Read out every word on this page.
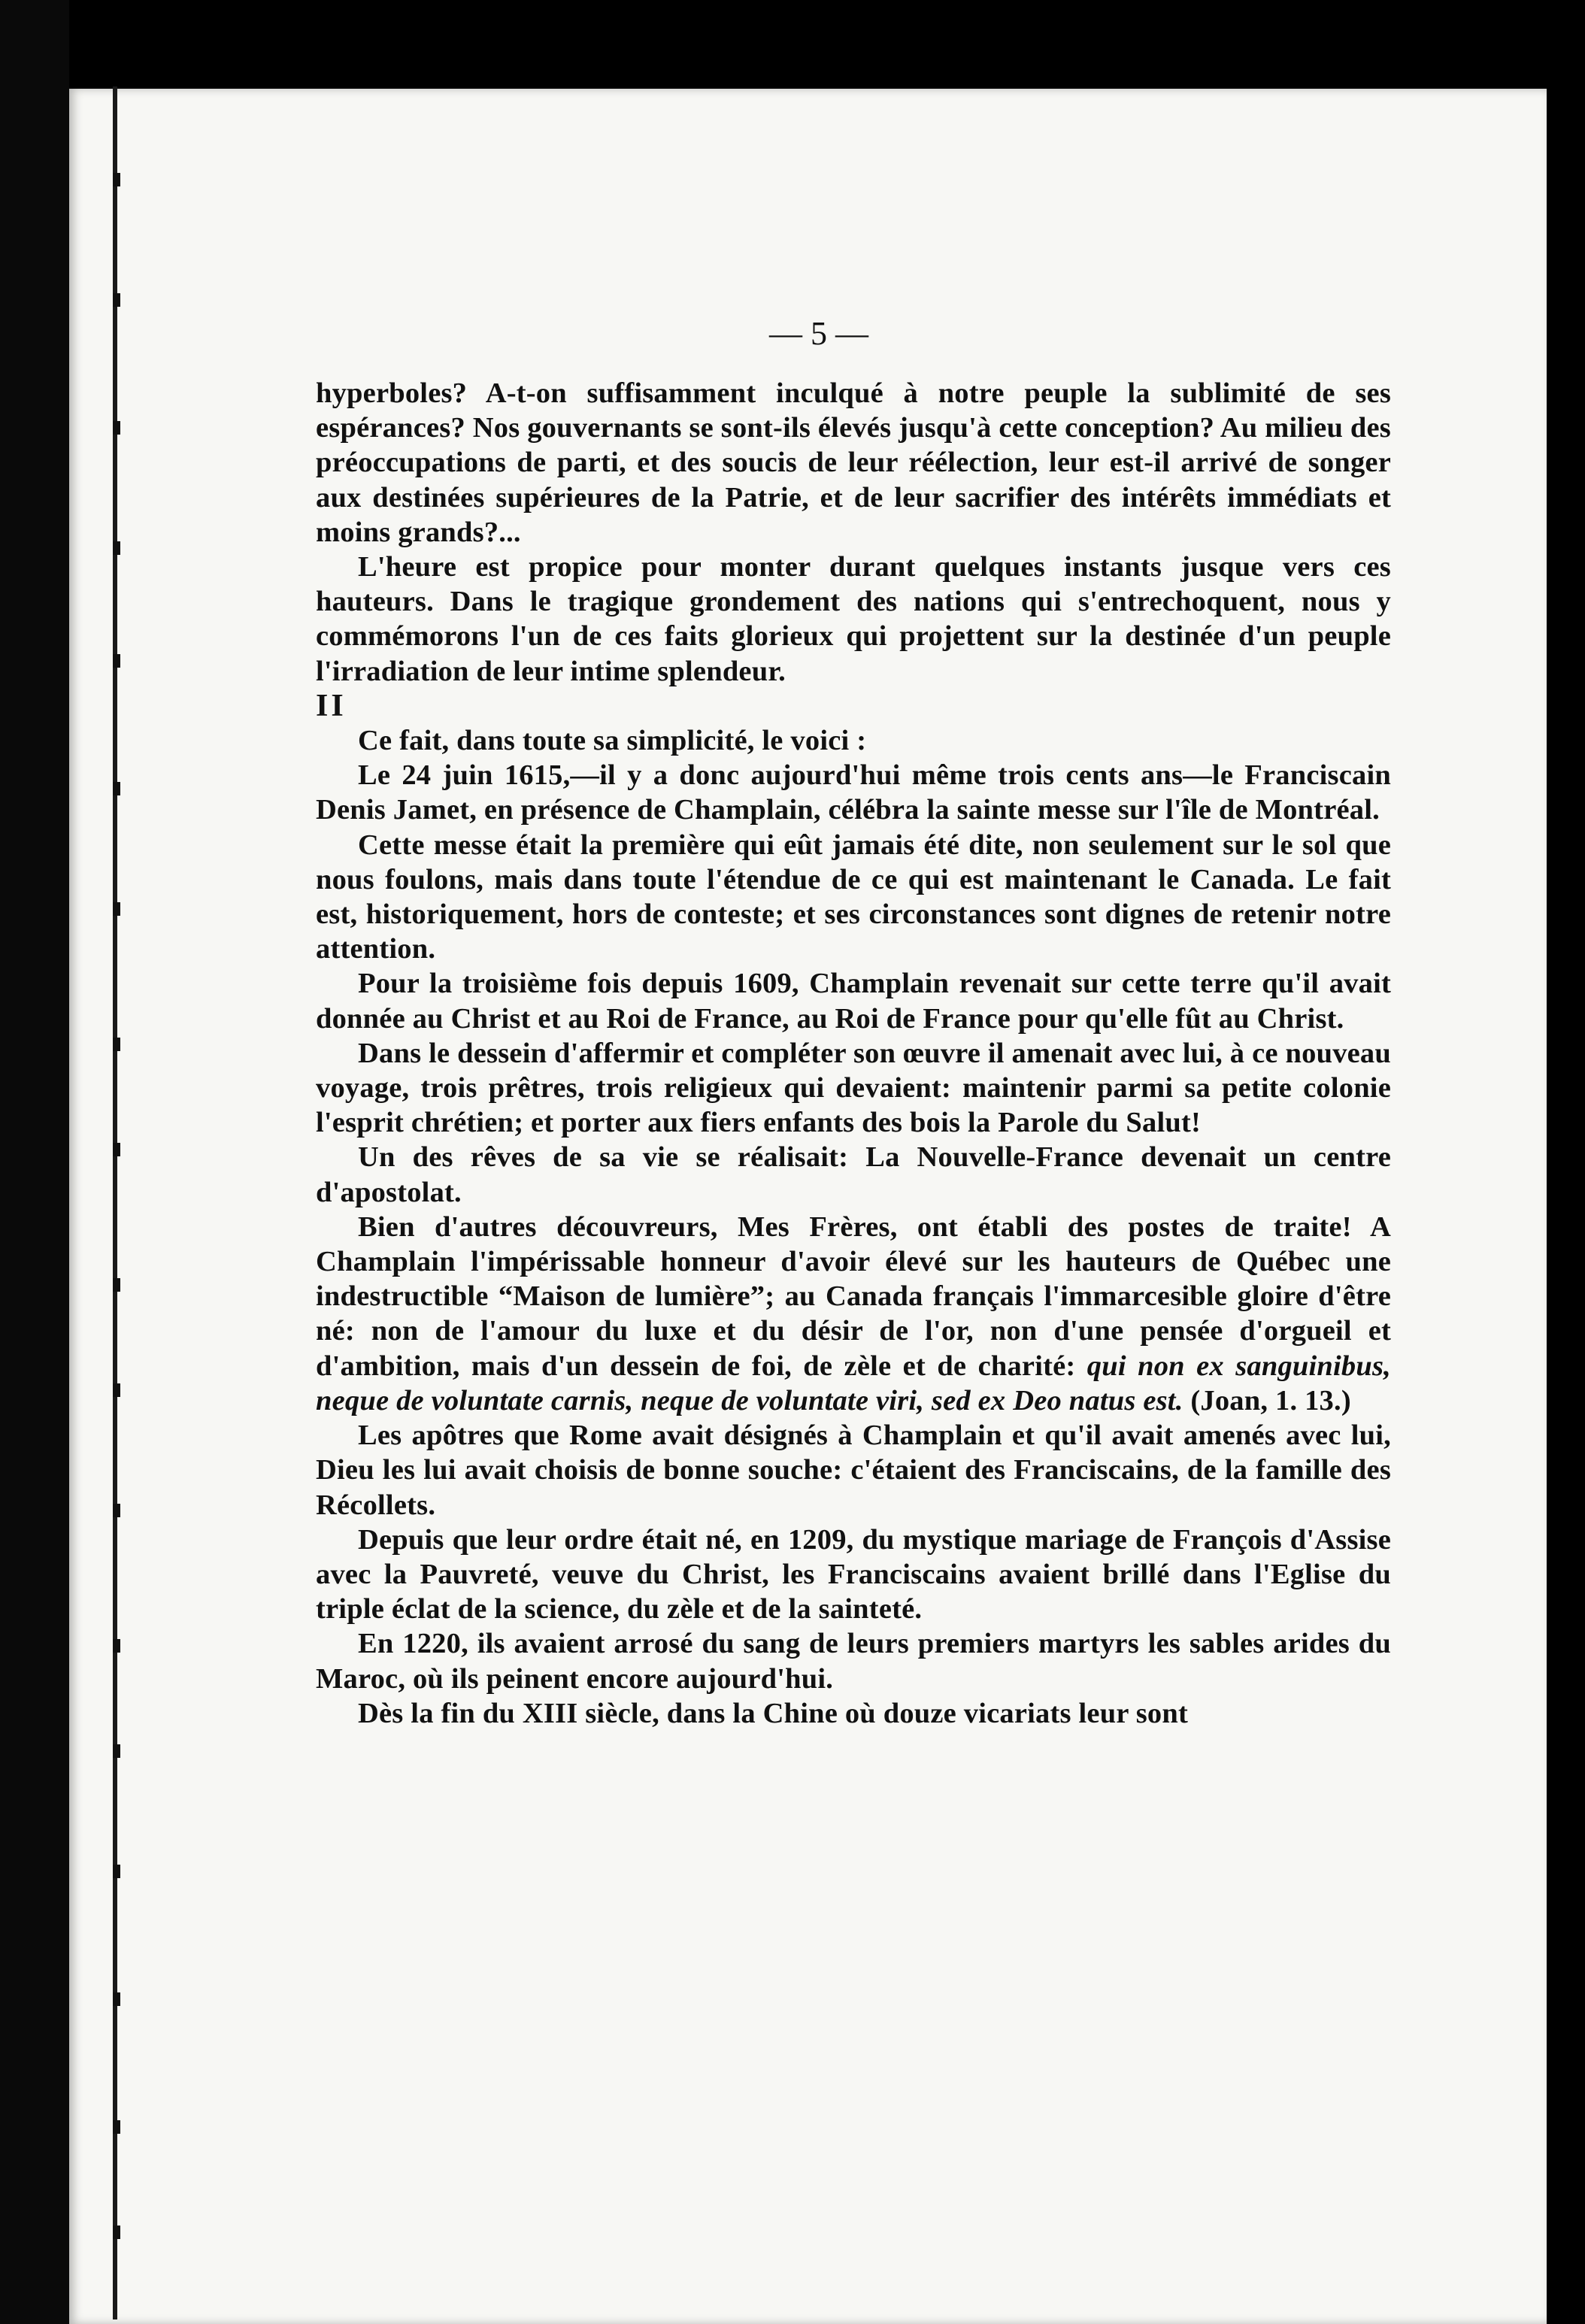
— 5 —

hyperboles? A-t-on suffisamment inculqué à notre peuple la sublimité de ses espérances? Nos gouvernants se sont-ils élevés jusqu'à cette conception? Au milieu des préoccupations de parti, et des soucis de leur réélection, leur est-il arrivé de songer aux destinées supérieures de la Patrie, et de leur sacrifier des intérêts immédiats et moins grands?...

L'heure est propice pour monter durant quelques instants jusque vers ces hauteurs. Dans le tragique grondement des nations qui s'entrechoquent, nous y commémorons l'un de ces faits glorieux qui projettent sur la destinée d'un peuple l'irradiation de leur intime splendeur.

II

Ce fait, dans toute sa simplicité, le voici :

Le 24 juin 1615,—il y a donc aujourd'hui même trois cents ans—le Franciscain Denis Jamet, en présence de Champlain, célébra la sainte messe sur l'île de Montréal.

Cette messe était la première qui eût jamais été dite, non seulement sur le sol que nous foulons, mais dans toute l'étendue de ce qui est maintenant le Canada. Le fait est, historiquement, hors de conteste; et ses circonstances sont dignes de retenir notre attention.

Pour la troisième fois depuis 1609, Champlain revenait sur cette terre qu'il avait donnée au Christ et au Roi de France, au Roi de France pour qu'elle fût au Christ.

Dans le dessein d'affermir et compléter son œuvre il amenait avec lui, à ce nouveau voyage, trois prêtres, trois religieux qui devaient: maintenir parmi sa petite colonie l'esprit chrétien; et porter aux fiers enfants des bois la Parole du Salut!

Un des rêves de sa vie se réalisait: La Nouvelle-France devenait un centre d'apostolat.

Bien d'autres découvreurs, Mes Frères, ont établi des postes de traite! A Champlain l'impérissable honneur d'avoir élevé sur les hauteurs de Québec une indestructible “Maison de lumière”; au Canada français l'immarcesible gloire d'être né: non de l'amour du luxe et du désir de l'or, non d'une pensée d'orgueil et d'ambition, mais d'un dessein de foi, de zèle et de charité: qui non ex sanguinibus, neque de voluntate carnis, neque de voluntate viri, sed ex Deo natus est. (Joan, 1. 13.)

Les apôtres que Rome avait désignés à Champlain et qu'il avait amenés avec lui, Dieu les lui avait choisis de bonne souche: c'étaient des Franciscains, de la famille des Récollets.

Depuis que leur ordre était né, en 1209, du mystique mariage de François d'Assise avec la Pauvreté, veuve du Christ, les Franciscains avaient brillé dans l'Eglise du triple éclat de la science, du zèle et de la sainteté.

En 1220, ils avaient arrosé du sang de leurs premiers martyrs les sables arides du Maroc, où ils peinent encore aujourd'hui.

Dès la fin du XIII siècle, dans la Chine où douze vicariats leur sont
